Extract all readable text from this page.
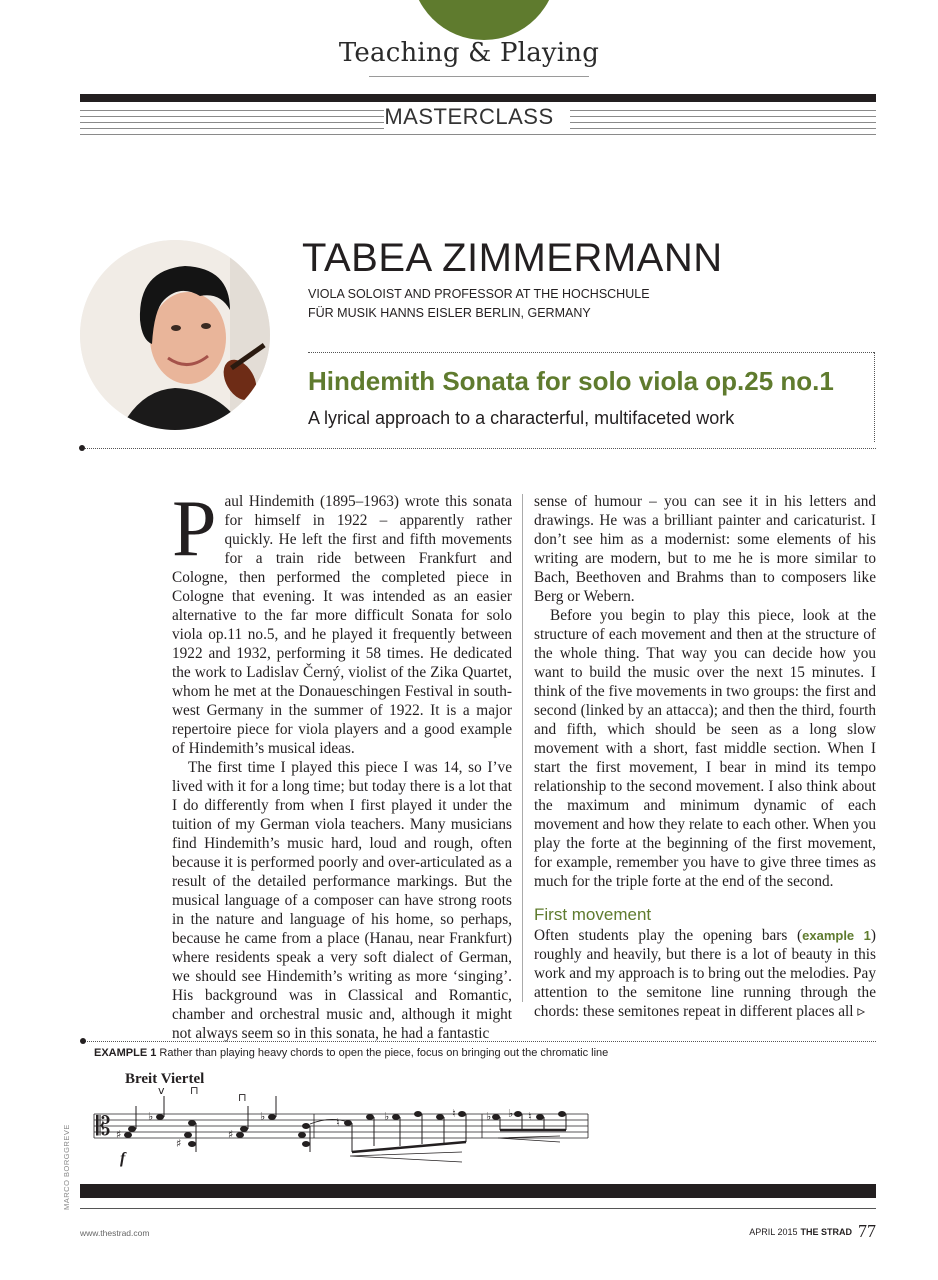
Teaching & Playing
MASTERCLASS
TABEA ZIMMERMANN
VIOLA SOLOIST AND PROFESSOR AT THE HOCHSCHULE
FÜR MUSIK HANNS EISLER BERLIN, GERMANY
Hindemith Sonata for solo viola op.25 no.1
A lyrical approach to a characterful, multifaceted work
P aul Hindemith (1895–1963) wrote this sonata for himself in 1922 – apparently rather quickly. He left the first and fifth movements for a train ride between Frankfurt and Cologne, then performed the completed piece in Cologne that evening. It was intended as an easier alternative to the far more difficult Sonata for solo viola op.11 no.5, and he played it frequently between 1922 and 1932, performing it 58 times. He dedicated the work to Ladislav Černý, violist of the Zika Quartet, whom he met at the Donaueschingen Festival in south-west Germany in the summer of 1922. It is a major repertoire piece for viola players and a good example of Hindemith’s musical ideas.

The first time I played this piece I was 14, so I’ve lived with it for a long time; but today there is a lot that I do differently from when I first played it under the tuition of my German viola teachers. Many musicians find Hindemith’s music hard, loud and rough, often because it is performed poorly and over-articulated as a result of the detailed performance markings. But the musical language of a composer can have strong roots in the nature and language of his home, so perhaps, because he came from a place (Hanau, near Frankfurt) where residents speak a very soft dialect of German, we should see Hindemith’s writing as more ‘singing’. His background was in Classical and Romantic, chamber and orchestral music and, although it might not always seem so in this sonata, he had a fantastic

sense of humour – you can see it in his letters and drawings. He was a brilliant painter and caricaturist. I don’t see him as a modernist: some elements of his writing are modern, but to me he is more similar to Bach, Beethoven and Brahms than to composers like Berg or Webern.

Before you begin to play this piece, look at the structure of each movement and then at the structure of the whole thing. That way you can decide how you want to build the music over the next 15 minutes. I think of the five movements in two groups: the first and second (linked by an attacca); and then the third, fourth and fifth, which should be seen as a long slow movement with a short, fast middle section. When I start the first movement, I bear in mind its tempo relationship to the second movement. I also think about the maximum and minimum dynamic of each movement and how they relate to each other. When you play the forte at the beginning of the first movement, for example, remember you have to give three times as much for the triple forte at the end of the second.

First movement

Often students play the opening bars (example 1) roughly and heavily, but there is a lot of beauty in this work and my approach is to bring out the melodies. Pay attention to the semitone line running through the chords: these semitones repeat in different places all ▹

EXAMPLE 1 Rather than playing heavy chords to open the piece, focus on bringing out the chromatic line
Breit Viertel
𝄡 ♯
♭
♯
♯
♭	♮	♭	♮	♭ ♭ ♮
v ⊓
⊓
f
MARCO BORGGREVE
www.thestrad.com	APRIL 2015 THE STRAD 77
